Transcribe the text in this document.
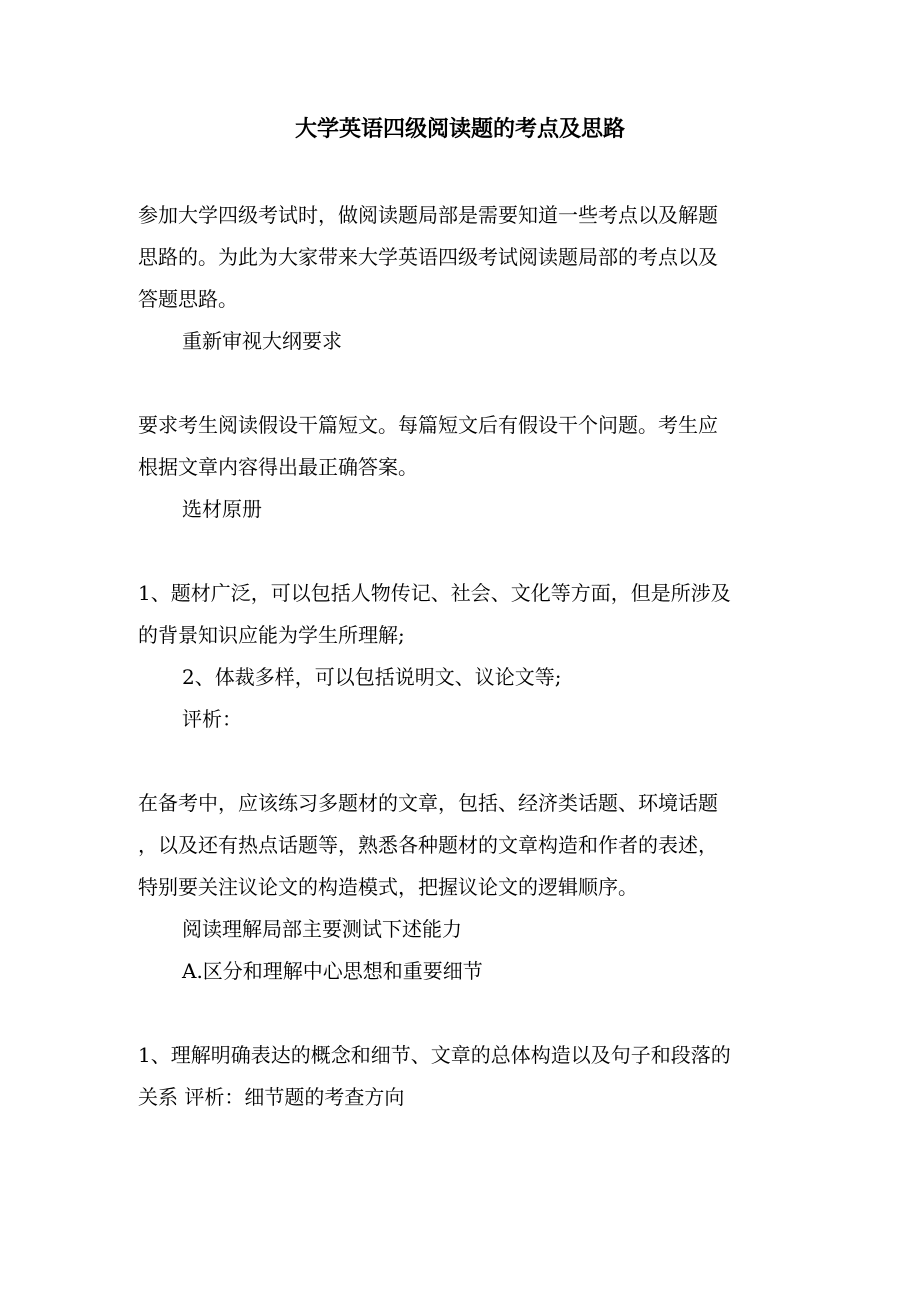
大学英语四级阅读题的考点及思路
参加大学四级考试时，做阅读题局部是需要知道一些考点以及解题
思路的。为此为大家带来大学英语四级考试阅读题局部的考点以及
答题思路。
重新审视大纲要求
要求考生阅读假设干篇短文。每篇短文后有假设干个问题。考生应
根据文章内容得出最正确答案。
选材原册
1、题材广泛，可以包括人物传记、社会、文化等方面，但是所涉及
的背景知识应能为学生所理解;
2、体裁多样，可以包括说明文、议论文等;
评析：
在备考中，应该练习多题材的文章，包括、经济类话题、环境话题
，以及还有热点话题等，熟悉各种题材的文章构造和作者的表述，
特别要关注议论文的构造模式，把握议论文的逻辑顺序。
阅读理解局部主要测试下述能力
A.区分和理解中心思想和重要细节
1、理解明确表达的概念和细节、文章的总体构造以及句子和段落的
关系 评析：细节题的考查方向
